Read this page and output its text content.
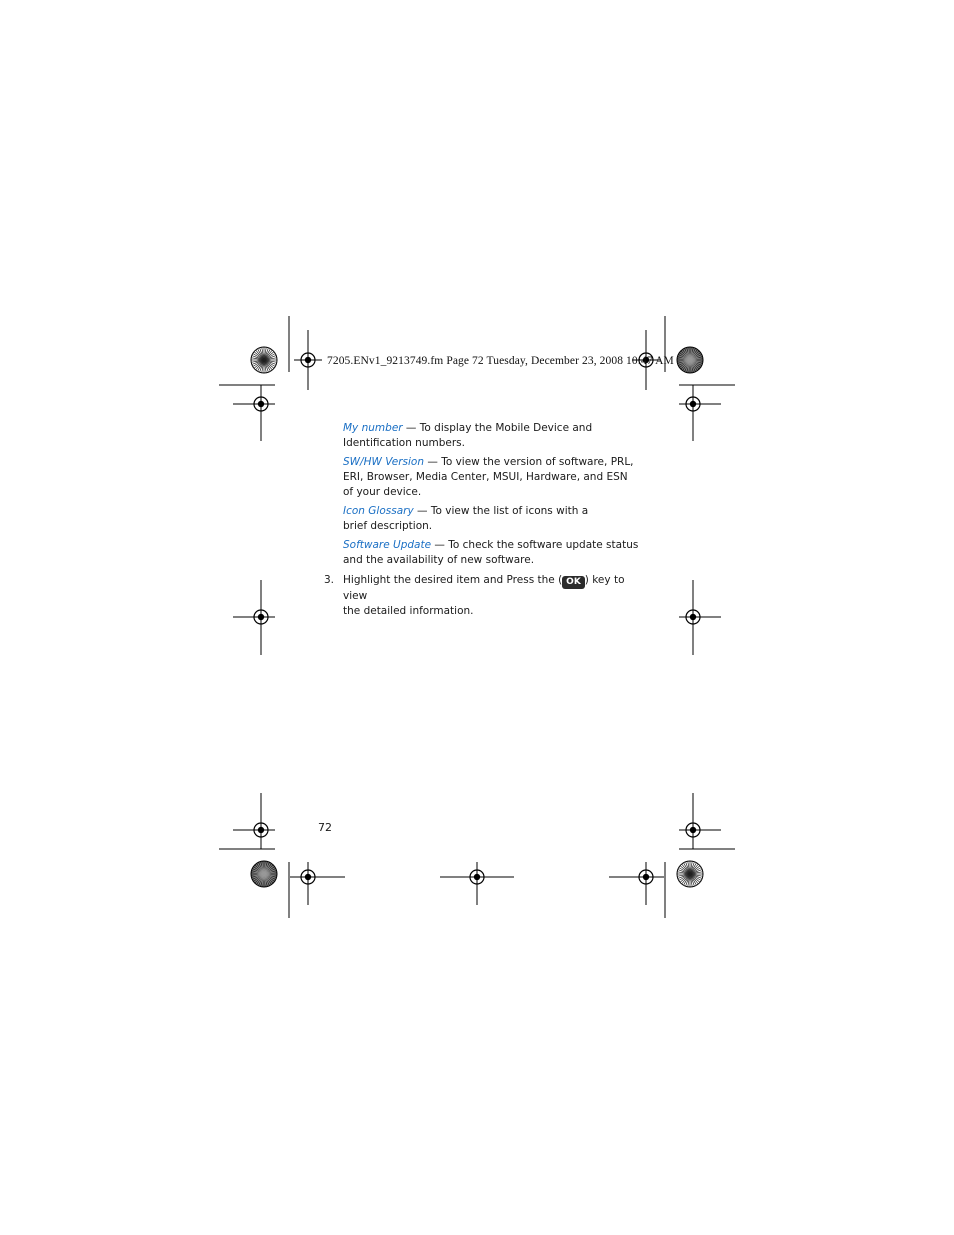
7205.ENv1_9213749.fm Page 72 Tuesday, December 23, 2008 10:47 AM
My number — To display the Mobile Device and
Identification numbers.
SW/HW Version — To view the version of software, PRL,
ERI, Browser, Media Center, MSUI, Hardware, and ESN
of your device.
Icon Glossary — To view the list of icons with a
brief description.
Software Update — To check the software update status
and the availability of new software.
3. Highlight the desired item and Press the ( OK ) key to view
the detailed information.
72
